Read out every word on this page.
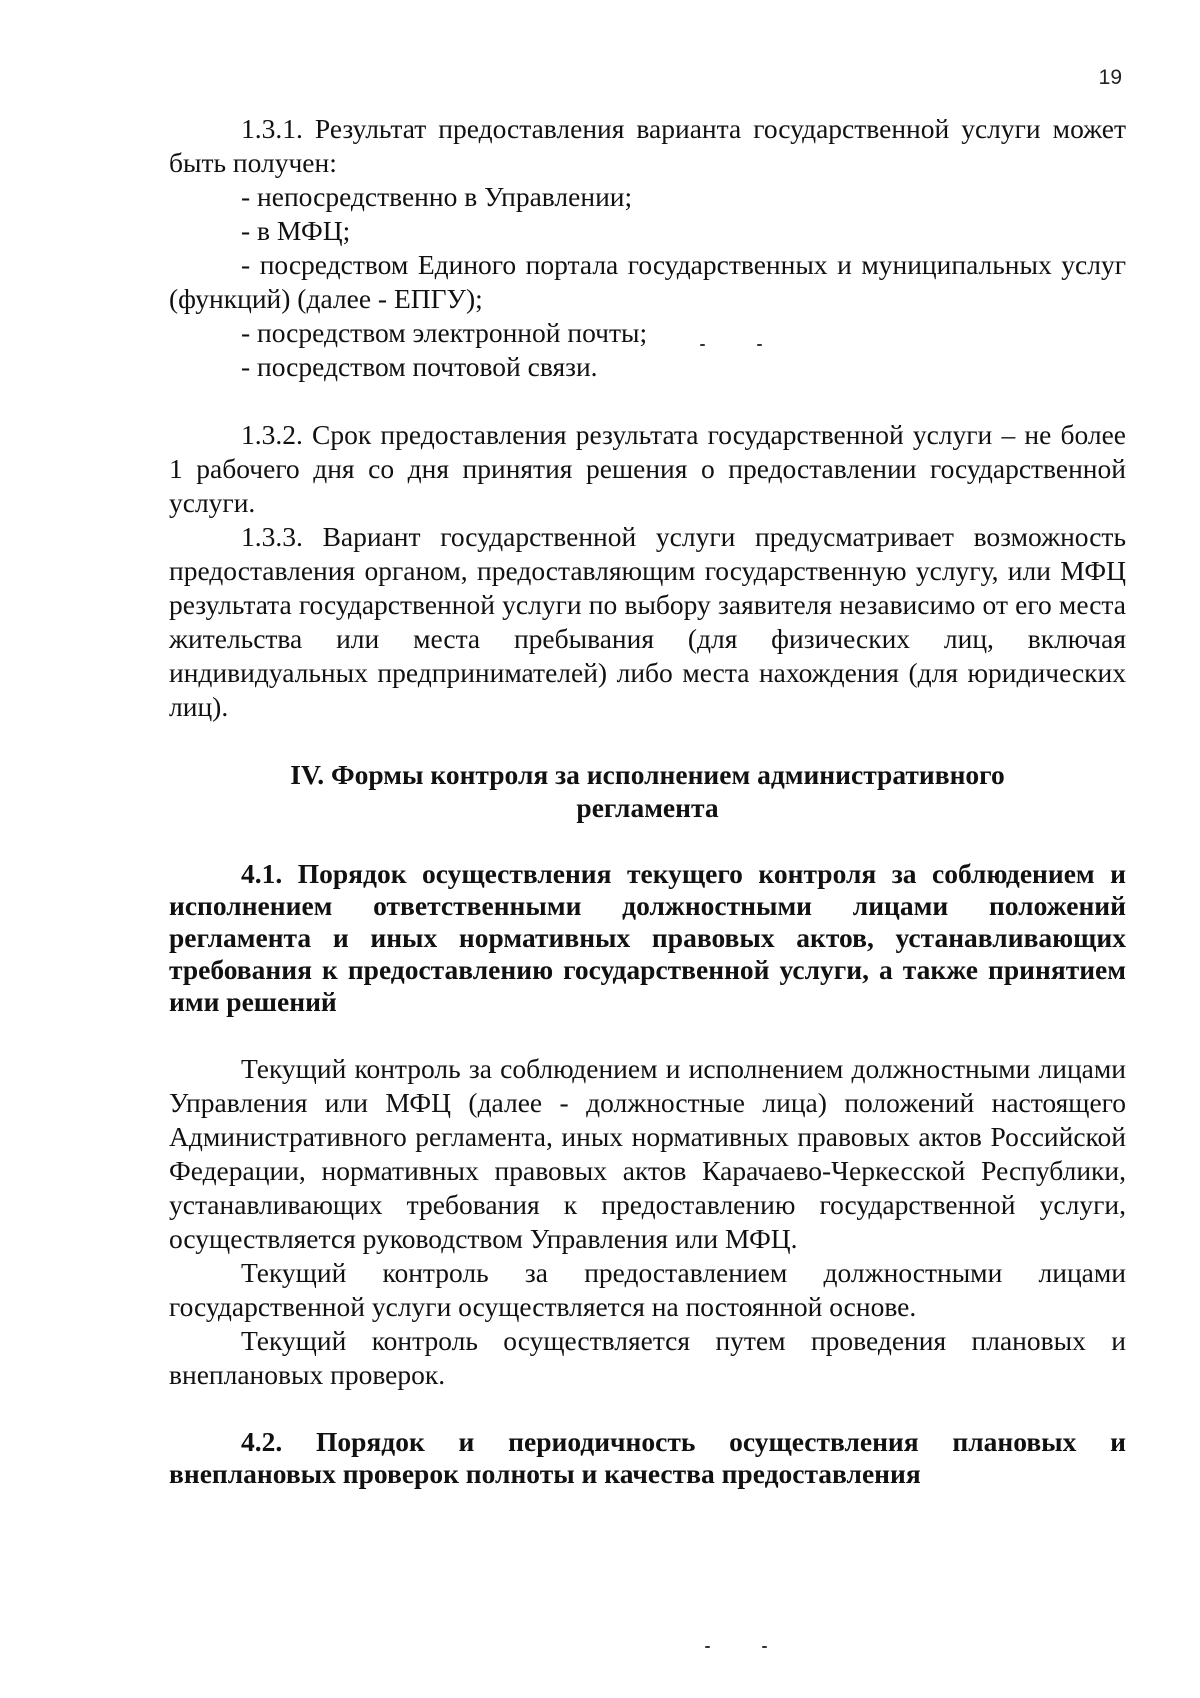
19

1.3.1. Результат предоставления варианта государственной услуги может быть получен:

- непосредственно в Управлении;

- в МФЦ;

- посредством Единого портала государственных и муниципальных услуг (функций) (далее - ЕПГУ);

- посредством электронной почты;

- посредством почтовой связи.

1.3.2. Срок предоставления результата государственной услуги – не более 1 рабочего дня со дня принятия решения о предоставлении государственной услуги.

1.3.3. Вариант государственной услуги предусматривает возможность предоставления органом, предоставляющим государственную услугу, или МФЦ результата государственной услуги по выбору заявителя независимо от его места жительства или места пребывания (для физических лиц, включая индивидуальных предпринимателей) либо места нахождения (для юридических лиц).

IV. Формы контроля за исполнением административного регламента

4.1. Порядок осуществления текущего контроля за соблюдением и исполнением ответственными должностными лицами положений регламента и иных нормативных правовых актов, устанавливающих требования к предоставлению государственной услуги, а также принятием ими решений

Текущий контроль за соблюдением и исполнением должностными лицами Управления или МФЦ (далее - должностные лица) положений настоящего Административного регламента, иных нормативных правовых актов Российской Федерации, нормативных правовых актов Карачаево-Черкесской Республики, устанавливающих требования к предоставлению государственной услуги, осуществляется руководством Управления или МФЦ.

Текущий контроль за предоставлением должностными лицами государственной услуги осуществляется на постоянной основе.

Текущий контроль осуществляется путем проведения плановых и внеплановых проверок.

4.2. Порядок и периодичность осуществления плановых и внеплановых проверок полноты и качества предоставления
